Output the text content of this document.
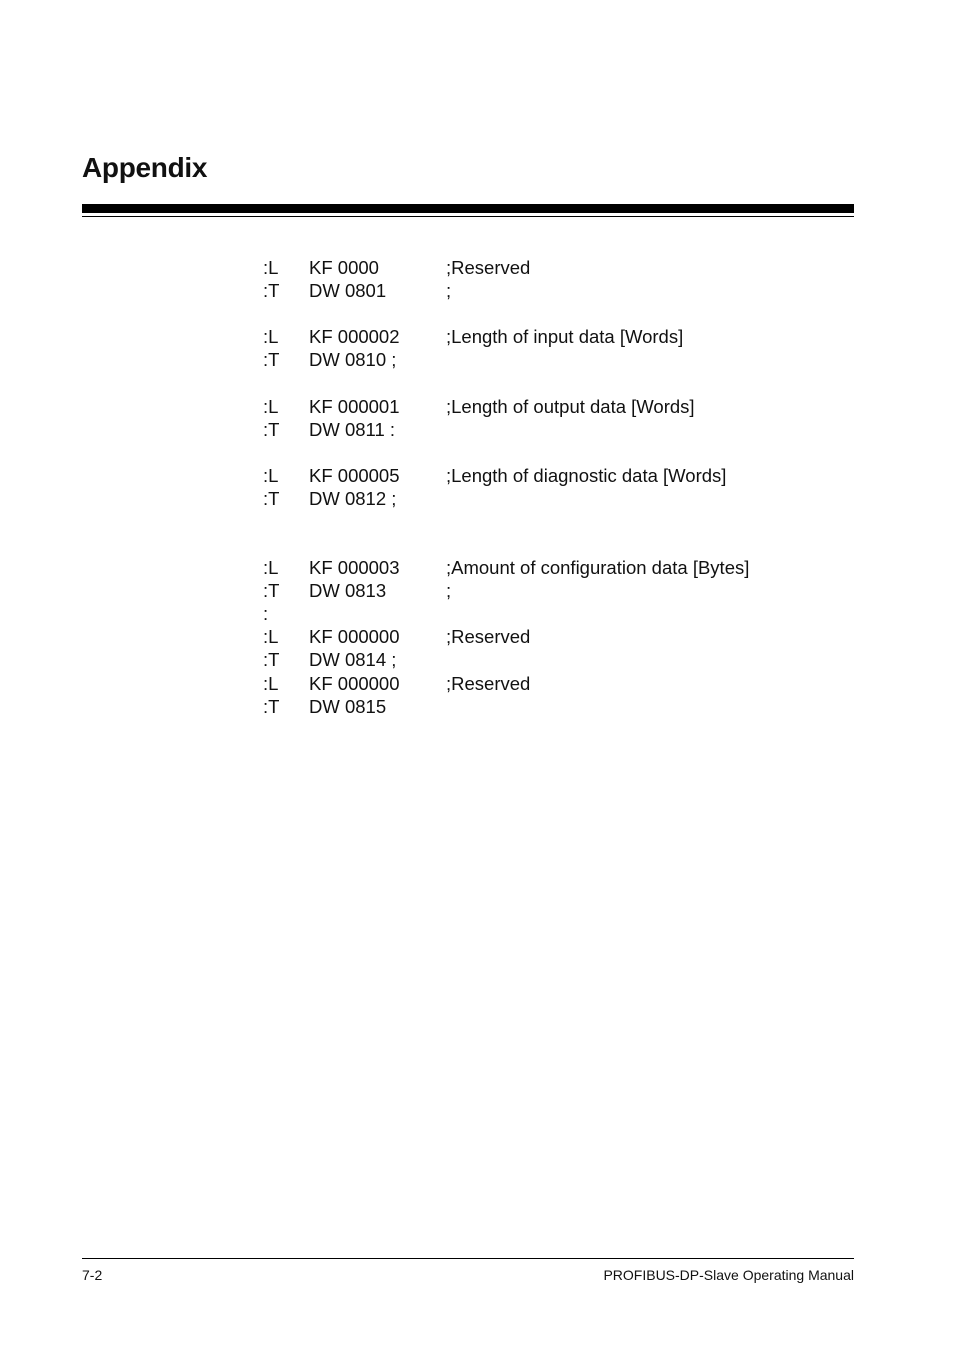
Appendix
:L KF 0000	;Reserved
:T DW 0801	;
:L KF 000002	;Length of input data [Words]
:T DW 0810 ;
:L KF 000001	;Length of output data [Words]
:T DW 0811 :
:L KF 000005	;Length of diagnostic data [Words]
:T DW 0812 ;
:L KF 000003	;Amount of configuration data [Bytes]
:T DW 0813	;
:
:L KF 000000	;Reserved
:T DW 0814 ;
:L KF 000000	;Reserved
:T DW 0815
7-2	PROFIBUS-DP-Slave Operating Manual
